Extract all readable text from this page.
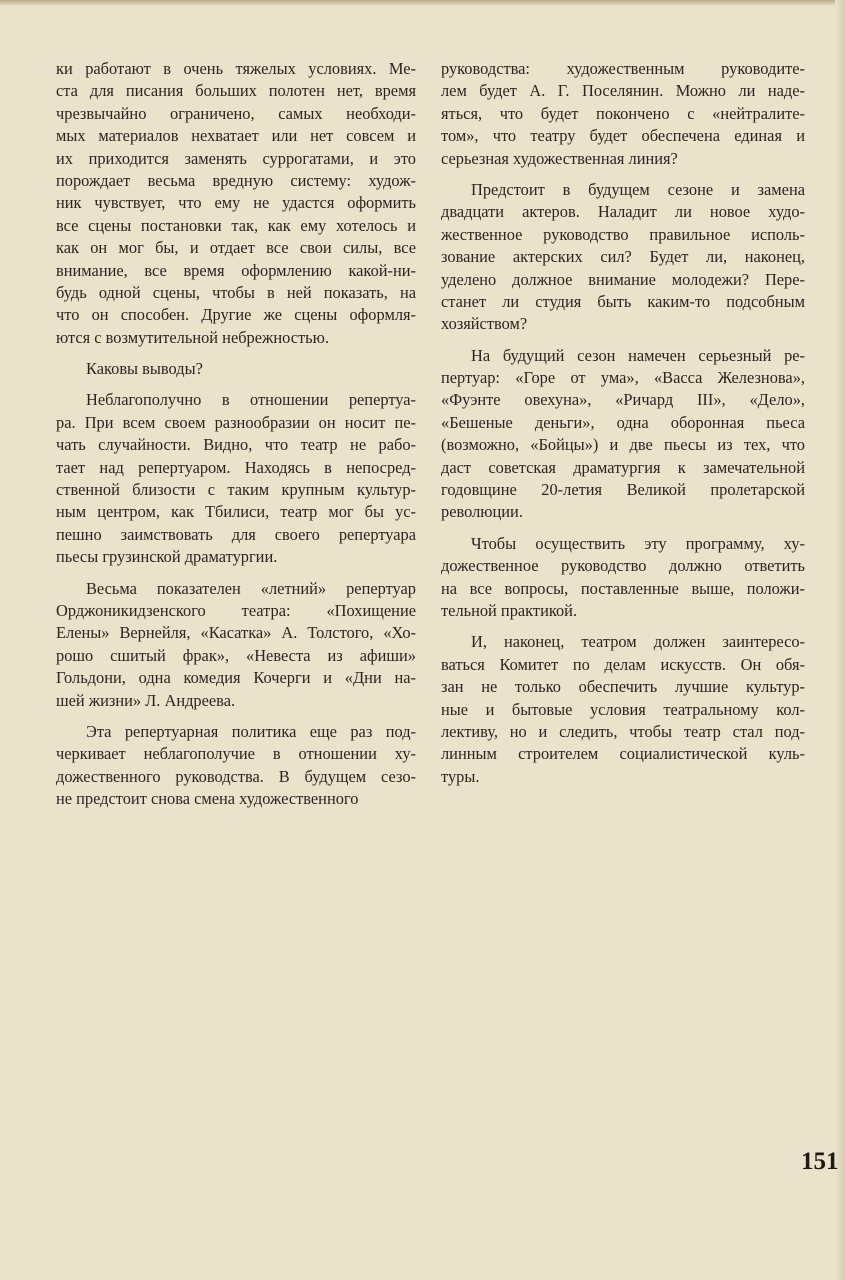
ки работают в очень тяжелых условиях. Ме-
ста для писания больших полотен нет, время
чрезвычайно ограничено, самых необходи-
мых материалов нехватает или нет совсем и
их приходится заменять суррогатами, и это
порождает весьма вредную систему: худож-
ник чувствует, что ему не удастся оформить
все сцены постановки так, как ему хотелось и
как он мог бы, и отдает все свои силы, все
внимание, все время оформлению какой-ни-
будь одной сцены, чтобы в ней показать, на
что он способен. Другие же сцены оформля-
ются с возмутительной небрежностью.
Каковы выводы?
Неблагополучно в отношении репертуа-
ра. При всем своем разнообразии он носит пе-
чать случайности. Видно, что театр не рабо-
тает над репертуаром. Находясь в непосред-
ственной близости с таким крупным культур-
ным центром, как Тбилиси, театр мог бы ус-
пешно заимствовать для своего репертуара
пьесы грузинской драматургии.
Весьма показателен «летний» репертуар
Орджоникидзенского театра: «Похищение
Елены» Вернейля, «Касатка» А. Толстого, «Хо-
рошо сшитый фрак», «Невеста из афиши»
Гольдони, одна комедия Кочерги и «Дни на-
шей жизни» Л. Андреева.
Эта репертуарная политика еще раз под-
черкивает неблагополучие в отношении ху-
дожественного руководства. В будущем сезо-
не предстоит снова смена художественного
руководства: художественным руководите-
лем будет А. Г. Поселянин. Можно ли наде-
яться, что будет покончено с «нейтралите-
том», что театру будет обеспечена единая и
серьезная художественная линия?
Предстоит в будущем сезоне и замена
двадцати актеров. Наладит ли новое худо-
жественное руководство правильное исполь-
зование актерских сил? Будет ли, наконец,
уделено должное внимание молодежи? Пере-
станет ли студия быть каким-то подсобным
хозяйством?
На будущий сезон намечен серьезный ре-
пертуар: «Горе от ума», «Васса Железнова»,
«Фуэнте овехуна», «Ричард III», «Дело»,
«Бешеные деньги», одна оборонная пьеса
(возможно, «Бойцы») и две пьесы из тех, что
даст советская драматургия к замечательной
годовщине 20-летия Великой пролетарской
революции.
Чтобы осуществить эту программу, ху-
дожественное руководство должно ответить
на все вопросы, поставленные выше, положи-
тельной практикой.
И, наконец, театром должен заинтересо-
ваться Комитет по делам искусств. Он обя-
зан не только обеспечить лучшие культур-
ные и бытовые условия театральному кол-
лективу, но и следить, чтобы театр стал под-
линным строителем социалистической куль-
туры.
151
